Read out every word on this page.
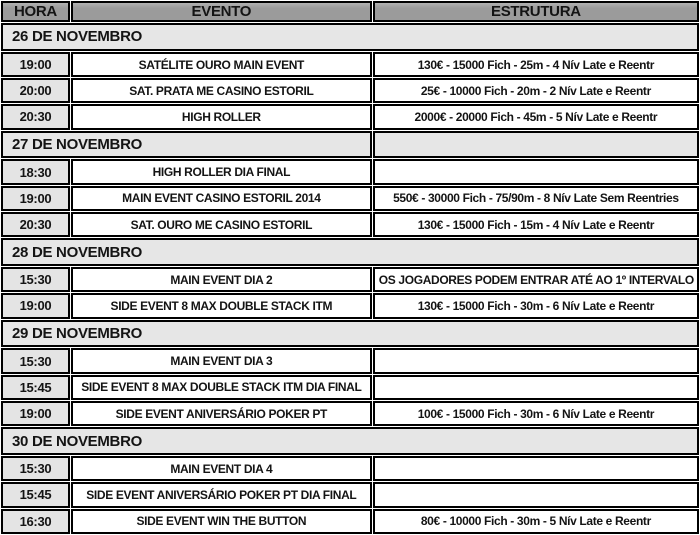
HORA	EVENTO	ESTRUTURA
26 DE NOVEMBRO		
19:00	SATÉLITE OURO MAIN EVENT	130€ - 15000 Fich - 25m - 4 Nív Late e Reentr
20:00	SAT. PRATA ME CASINO ESTORIL	25€ - 10000 Fich - 20m - 2 Nív Late e Reentr
20:30	HIGH ROLLER	2000€ - 20000 Fich - 45m - 5 Nív Late e Reentr
27 DE NOVEMBRO		
18:30	HIGH ROLLER DIA FINAL	
19:00	MAIN EVENT CASINO ESTORIL 2014	550€ - 30000 Fich - 75/90m - 8 Nív Late Sem Reentries
20:30	SAT. OURO ME CASINO ESTORIL	130€ - 15000 Fich - 15m - 4 Nív Late e Reentr
28 DE NOVEMBRO		
15:30	MAIN EVENT DIA 2	OS JOGADORES PODEM ENTRAR ATÉ AO 1º INTERVALO
19:00	SIDE EVENT 8 MAX DOUBLE STACK ITM	130€ - 15000 Fich - 30m - 6 Nív Late e Reentr
29 DE NOVEMBRO		
15:30	MAIN EVENT DIA 3	
15:45	SIDE EVENT 8 MAX DOUBLE STACK ITM DIA FINAL	
19:00	SIDE EVENT ANIVERSÁRIO POKER PT	100€ - 15000 Fich - 30m - 6 Nív Late e Reentr
30 DE NOVEMBRO		
15:30	MAIN EVENT DIA 4	
15:45	SIDE EVENT ANIVERSÁRIO POKER PT DIA FINAL	
16:30	SIDE EVENT WIN THE BUTTON	80€ - 10000 Fich - 30m - 5 Nív Late e Reentr
